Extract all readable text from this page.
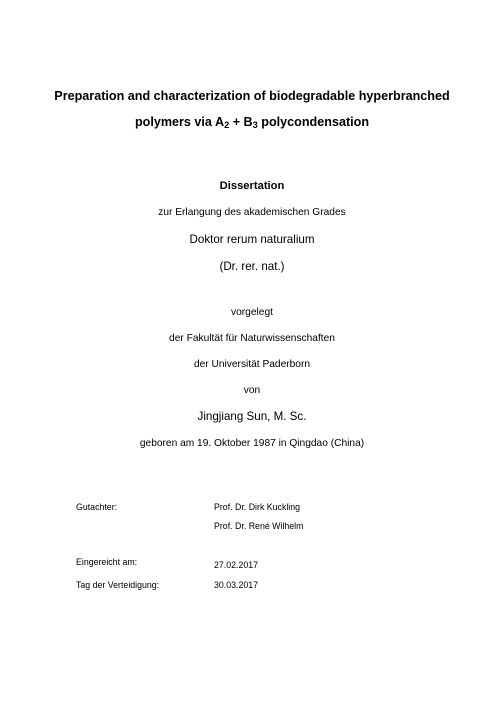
Preparation and characterization of biodegradable hyperbranched
polymers via A2 + B3 polycondensation
Dissertation
zur Erlangung des akademischen Grades
Doktor rerum naturalium
(Dr. rer. nat.)
vorgelegt
der Fakultät für Naturwissenschaften
der Universität Paderborn
von
Jingjiang Sun, M. Sc.
geboren am 19. Oktober 1987 in Qingdao (China)
Gutachter:	Prof. Dr. Dirk Kuckling
Prof. Dr. René Wilhelm
Eingereicht am:	27.02.2017
Tag der Verteidigung:	30.03.2017
